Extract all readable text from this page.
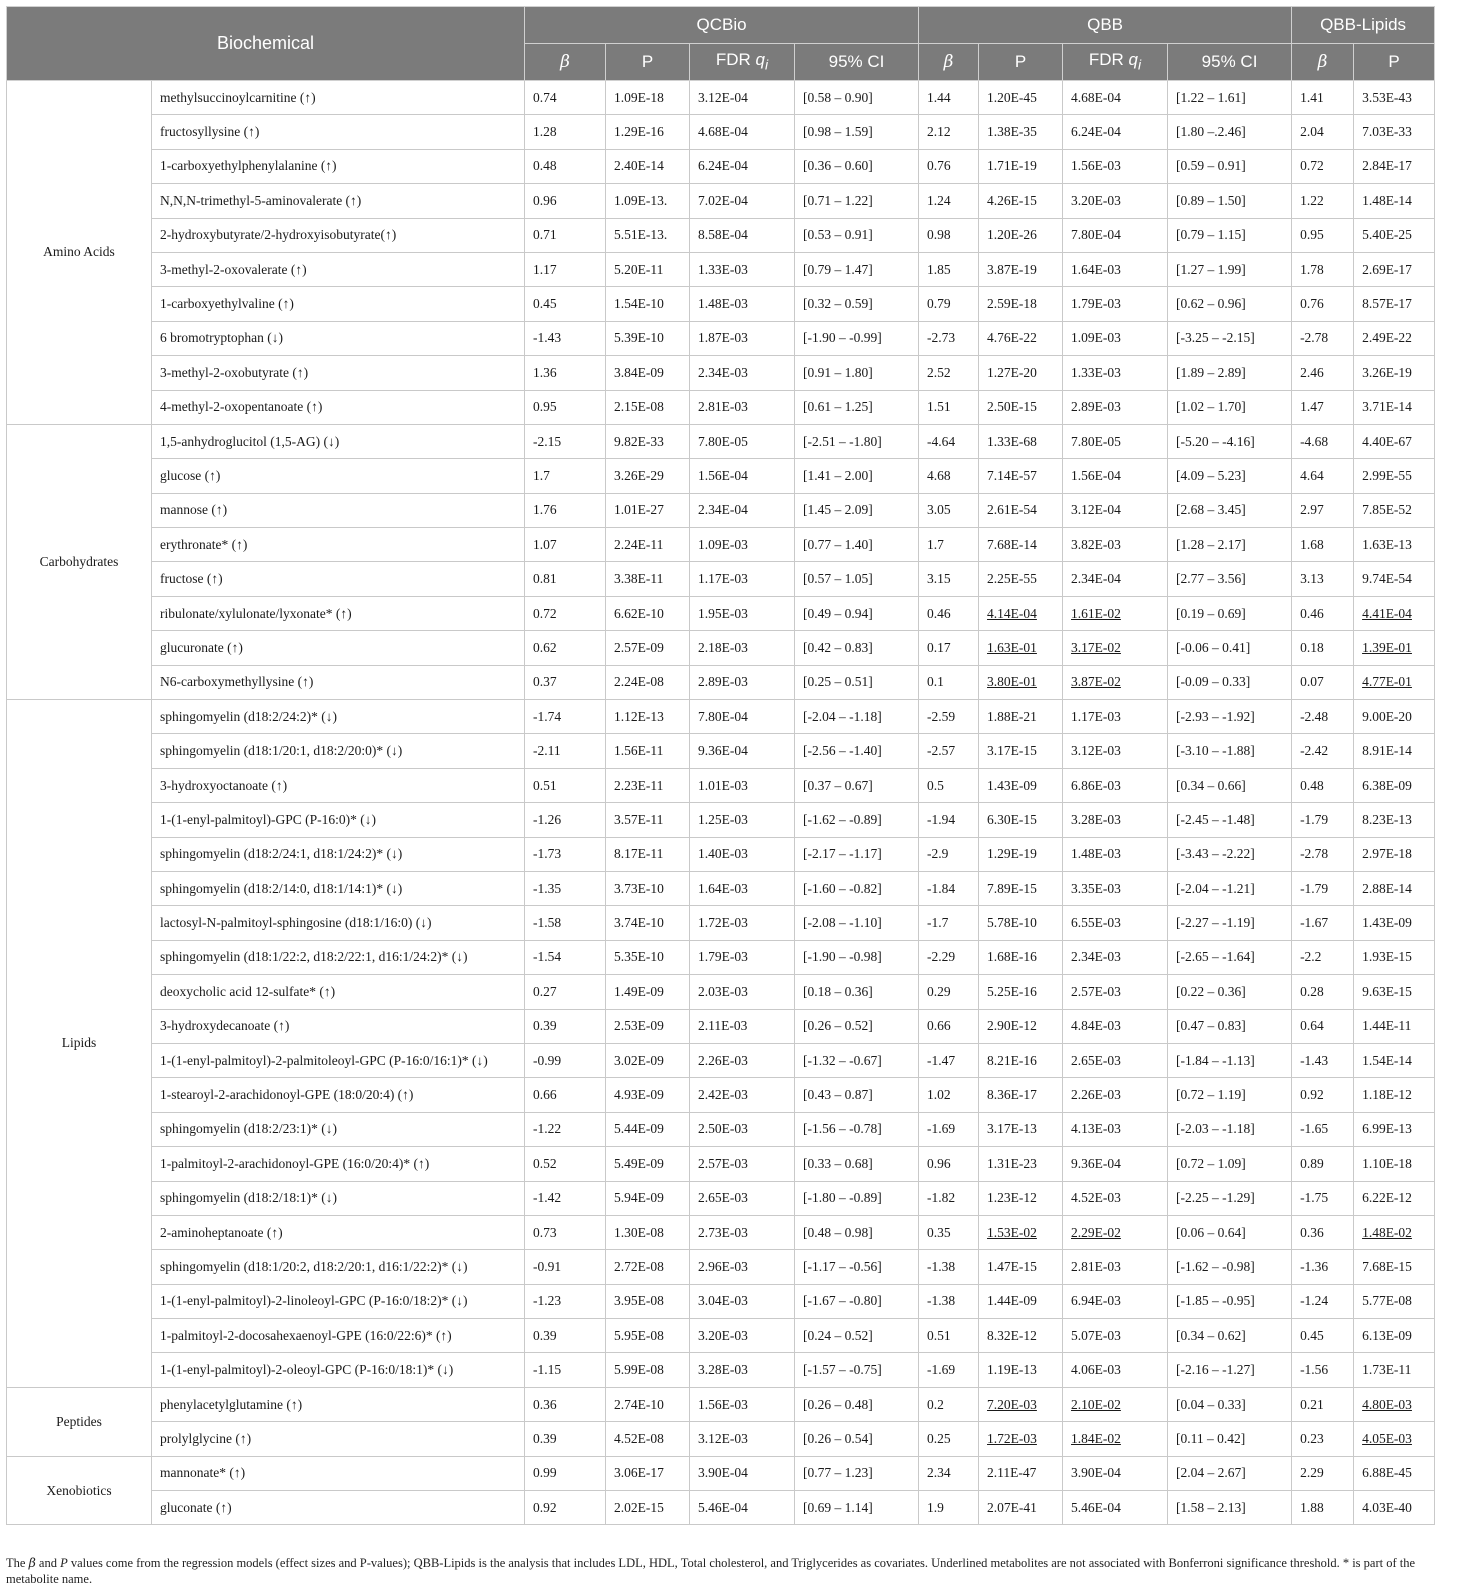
Biochemical		QCBio				QBB				QBB-Lipids	
		β	P	FDR $q_i$	95% CI	β	P	FDR $q_i$	95% CI	β	P
Amino Acids	methylsuccinoylcarnitine (↑)	0.74	1.09E-18	3.12E-04	[0.58 – 0.90]	1.44	1.20E-45	4.68E-04	[1.22 – 1.61]	1.41	3.53E-43
	fructosyllysine (↑)	1.28	1.29E-16	4.68E-04	[0.98 – 1.59]	2.12	1.38E-35	6.24E-04	[1.80 –.2.46]	2.04	7.03E-33
	1-carboxyethylphenylalanine (↑)	0.48	2.40E-14	6.24E-04	[0.36 – 0.60]	0.76	1.71E-19	1.56E-03	[0.59 – 0.91]	0.72	2.84E-17
	N,N,N-trimethyl-5-aminovalerate (↑)	0.96	1.09E-13.	7.02E-04	[0.71 – 1.22]	1.24	4.26E-15	3.20E-03	[0.89 – 1.50]	1.22	1.48E-14
	2-hydroxybutyrate/2-hydroxyisobutyrate(↑)	0.71	5.51E-13.	8.58E-04	[0.53 – 0.91]	0.98	1.20E-26	7.80E-04	[0.79 – 1.15]	0.95	5.40E-25
	3-methyl-2-oxovalerate (↑)	1.17	5.20E-11	1.33E-03	[0.79 – 1.47]	1.85	3.87E-19	1.64E-03	[1.27 – 1.99]	1.78	2.69E-17
	1-carboxyethylvaline (↑)	0.45	1.54E-10	1.48E-03	[0.32 – 0.59]	0.79	2.59E-18	1.79E-03	[0.62 – 0.96]	0.76	8.57E-17
	6 bromotryptophan (↓)	-1.43	5.39E-10	1.87E-03	[-1.90 – -0.99]	-2.73	4.76E-22	1.09E-03	[-3.25 – -2.15]	-2.78	2.49E-22
	3-methyl-2-oxobutyrate (↑)	1.36	3.84E-09	2.34E-03	[0.91 – 1.80]	2.52	1.27E-20	1.33E-03	[1.89 – 2.89]	2.46	3.26E-19
	4-methyl-2-oxopentanoate (↑)	0.95	2.15E-08	2.81E-03	[0.61 – 1.25]	1.51	2.50E-15	2.89E-03	[1.02 – 1.70]	1.47	3.71E-14
Carbohydrates	1,5-anhydroglucitol (1,5-AG) (↓)	-2.15	9.82E-33	7.80E-05	[-2.51 – -1.80]	-4.64	1.33E-68	7.80E-05	[-5.20 – -4.16]	-4.68	4.40E-67
	glucose (↑)	1.7	3.26E-29	1.56E-04	[1.41 – 2.00]	4.68	7.14E-57	1.56E-04	[4.09 – 5.23]	4.64	2.99E-55
	mannose (↑)	1.76	1.01E-27	2.34E-04	[1.45 – 2.09]	3.05	2.61E-54	3.12E-04	[2.68 – 3.45]	2.97	7.85E-52
	erythronate* (↑)	1.07	2.24E-11	1.09E-03	[0.77 – 1.40]	1.7	7.68E-14	3.82E-03	[1.28 – 2.17]	1.68	1.63E-13
	fructose (↑)	0.81	3.38E-11	1.17E-03	[0.57 – 1.05]	3.15	2.25E-55	2.34E-04	[2.77 – 3.56]	3.13	9.74E-54
	ribulonate/xylulonate/lyxonate* (↑)	0.72	6.62E-10	1.95E-03	[0.49 – 0.94]	0.46	4.14E-04	1.61E-02	[0.19 – 0.69]	0.46	4.41E-04
	glucuronate (↑)	0.62	2.57E-09	2.18E-03	[0.42 – 0.83]	0.17	1.63E-01	3.17E-02	[-0.06 – 0.41]	0.18	1.39E-01
	N6-carboxymethyllysine (↑)	0.37	2.24E-08	2.89E-03	[0.25 – 0.51]	0.1	3.80E-01	3.87E-02	[-0.09 – 0.33]	0.07	4.77E-01
Lipids	sphingomyelin (d18:2/24:2)* (↓)	-1.74	1.12E-13	7.80E-04	[-2.04 – -1.18]	-2.59	1.88E-21	1.17E-03	[-2.93 – -1.92]	-2.48	9.00E-20
	sphingomyelin (d18:1/20:1, d18:2/20:0)* (↓)	-2.11	1.56E-11	9.36E-04	[-2.56 – -1.40]	-2.57	3.17E-15	3.12E-03	[-3.10 – -1.88]	-2.42	8.91E-14
	3-hydroxyoctanoate (↑)	0.51	2.23E-11	1.01E-03	[0.37 – 0.67]	0.5	1.43E-09	6.86E-03	[0.34 – 0.66]	0.48	6.38E-09
	1-(1-enyl-palmitoyl)-GPC (P-16:0)* (↓)	-1.26	3.57E-11	1.25E-03	[-1.62 – -0.89]	-1.94	6.30E-15	3.28E-03	[-2.45 – -1.48]	-1.79	8.23E-13
	sphingomyelin (d18:2/24:1, d18:1/24:2)* (↓)	-1.73	8.17E-11	1.40E-03	[-2.17 – -1.17]	-2.9	1.29E-19	1.48E-03	[-3.43 – -2.22]	-2.78	2.97E-18
	sphingomyelin (d18:2/14:0, d18:1/14:1)* (↓)	-1.35	3.73E-10	1.64E-03	[-1.60 – -0.82]	-1.84	7.89E-15	3.35E-03	[-2.04 – -1.21]	-1.79	2.88E-14
	lactosyl-N-palmitoyl-sphingosine (d18:1/16:0) (↓)	-1.58	3.74E-10	1.72E-03	[-2.08 – -1.10]	-1.7	5.78E-10	6.55E-03	[-2.27 – -1.19]	-1.67	1.43E-09
	sphingomyelin (d18:1/22:2, d18:2/22:1, d16:1/24:2)* (↓)	-1.54	5.35E-10	1.79E-03	[-1.90 – -0.98]	-2.29	1.68E-16	2.34E-03	[-2.65 – -1.64]	-2.2	1.93E-15
	deoxycholic acid 12-sulfate* (↑)	0.27	1.49E-09	2.03E-03	[0.18 – 0.36]	0.29	5.25E-16	2.57E-03	[0.22 – 0.36]	0.28	9.63E-15
	3-hydroxydecanoate (↑)	0.39	2.53E-09	2.11E-03	[0.26 – 0.52]	0.66	2.90E-12	4.84E-03	[0.47 – 0.83]	0.64	1.44E-11
	1-(1-enyl-palmitoyl)-2-palmitoleoyl-GPC (P-16:0/16:1)* (↓)	-0.99	3.02E-09	2.26E-03	[-1.32 – -0.67]	-1.47	8.21E-16	2.65E-03	[-1.84 – -1.13]	-1.43	1.54E-14
	1-stearoyl-2-arachidonoyl-GPE (18:0/20:4) (↑)	0.66	4.93E-09	2.42E-03	[0.43 – 0.87]	1.02	8.36E-17	2.26E-03	[0.72 – 1.19]	0.92	1.18E-12
	sphingomyelin (d18:2/23:1)* (↓)	-1.22	5.44E-09	2.50E-03	[-1.56 – -0.78]	-1.69	3.17E-13	4.13E-03	[-2.03 – -1.18]	-1.65	6.99E-13
	1-palmitoyl-2-arachidonoyl-GPE (16:0/20:4)* (↑)	0.52	5.49E-09	2.57E-03	[0.33 – 0.68]	0.96	1.31E-23	9.36E-04	[0.72 – 1.09]	0.89	1.10E-18
	sphingomyelin (d18:2/18:1)* (↓)	-1.42	5.94E-09	2.65E-03	[-1.80 – -0.89]	-1.82	1.23E-12	4.52E-03	[-2.25 – -1.29]	-1.75	6.22E-12
	2-aminoheptanoate (↑)	0.73	1.30E-08	2.73E-03	[0.48 – 0.98]	0.35	1.53E-02	2.29E-02	[0.06 – 0.64]	0.36	1.48E-02
	sphingomyelin (d18:1/20:2, d18:2/20:1, d16:1/22:2)* (↓)	-0.91	2.72E-08	2.96E-03	[-1.17 – -0.56]	-1.38	1.47E-15	2.81E-03	[-1.62 – -0.98]	-1.36	7.68E-15
	1-(1-enyl-palmitoyl)-2-linoleoyl-GPC (P-16:0/18:2)* (↓)	-1.23	3.95E-08	3.04E-03	[-1.67 – -0.80]	-1.38	1.44E-09	6.94E-03	[-1.85 – -0.95]	-1.24	5.77E-08
	1-palmitoyl-2-docosahexaenoyl-GPE (16:0/22:6)* (↑)	0.39	5.95E-08	3.20E-03	[0.24 – 0.52]	0.51	8.32E-12	5.07E-03	[0.34 – 0.62]	0.45	6.13E-09
	1-(1-enyl-palmitoyl)-2-oleoyl-GPC (P-16:0/18:1)* (↓)	-1.15	5.99E-08	3.28E-03	[-1.57 – -0.75]	-1.69	1.19E-13	4.06E-03	[-2.16 – -1.27]	-1.56	1.73E-11
Peptides	phenylacetylglutamine (↑)	0.36	2.74E-10	1.56E-03	[0.26 – 0.48]	0.2	7.20E-03	2.10E-02	[0.04 – 0.33]	0.21	4.80E-03
	prolylglycine (↑)	0.39	4.52E-08	3.12E-03	[0.26 – 0.54]	0.25	1.72E-03	1.84E-02	[0.11 – 0.42]	0.23	4.05E-03
Xenobiotics	mannonate* (↑)	0.99	3.06E-17	3.90E-04	[0.77 – 1.23]	2.34	2.11E-47	3.90E-04	[2.04 – 2.67]	2.29	6.88E-45
	gluconate (↑)	0.92	2.02E-15	5.46E-04	[0.69 – 1.14]	1.9	2.07E-41	5.46E-04	[1.58 – 2.13]	1.88	4.03E-40
The β and P values come from the regression models (effect sizes and P-values); QBB-Lipids is the analysis that includes LDL, HDL, Total cholesterol, and Triglycerides as covariates. Underlined metabolites are not associated with Bonferroni significance threshold. * is part of the metabolite name.
